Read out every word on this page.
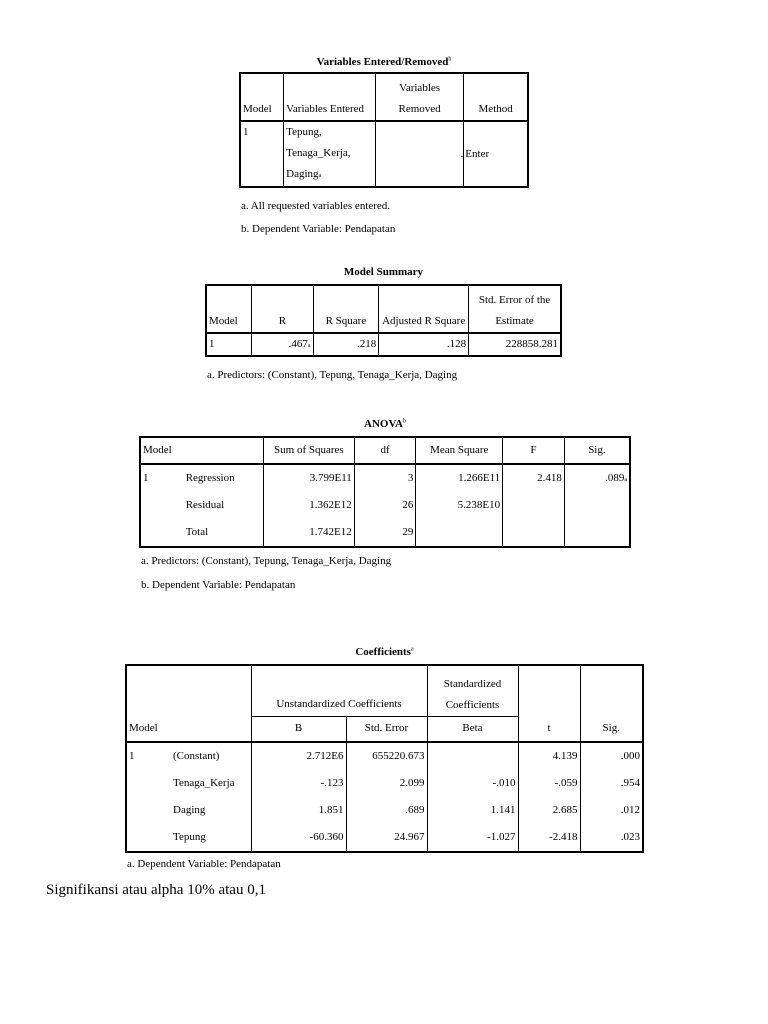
Variables Entered/Removed$^b$
Model	Variables Entered	Variables Removed	Method
1	Tepung,
Tenaga_Kerja,
Daging$^a$	.	Enter
a. All requested variables entered.
b. Dependent Variable: Pendapatan
Model Summary
Model	R	R Square	Adjusted R Square	Std. Error of the Estimate
1	.467$^a$	.218	.128	228858.281
a. Predictors: (Constant), Tepung, Tenaga_Kerja, Daging
ANOVA$^b$
Model		Sum of Squares	df	Mean Square	F	Sig.
1	Regression	3.799E11	3	1.266E11	2.418	.089$^a$
	Residual	1.362E12	26	5.238E10		
	Total	1.742E12	29			
a. Predictors: (Constant), Tepung, Tenaga_Kerja, Daging
b. Dependent Variable: Pendapatan
Coefficients$^a$
		Unstandardized Coefficients		Standardized
Coefficients		

Model		B	Std. Error	Beta	t	Sig.
1	(Constant)	2.712E6	655220.673		4.139	.000
	Tenaga_Kerja	-.123	2.099	-.010	-.059	.954
	Daging	1.851	.689	1.141	2.685	.012
	Tepung	-60.360	24.967	-1.027	-2.418	.023
a. Dependent Variable: Pendapatan
Signifikansi atau alpha 10% atau 0,1
